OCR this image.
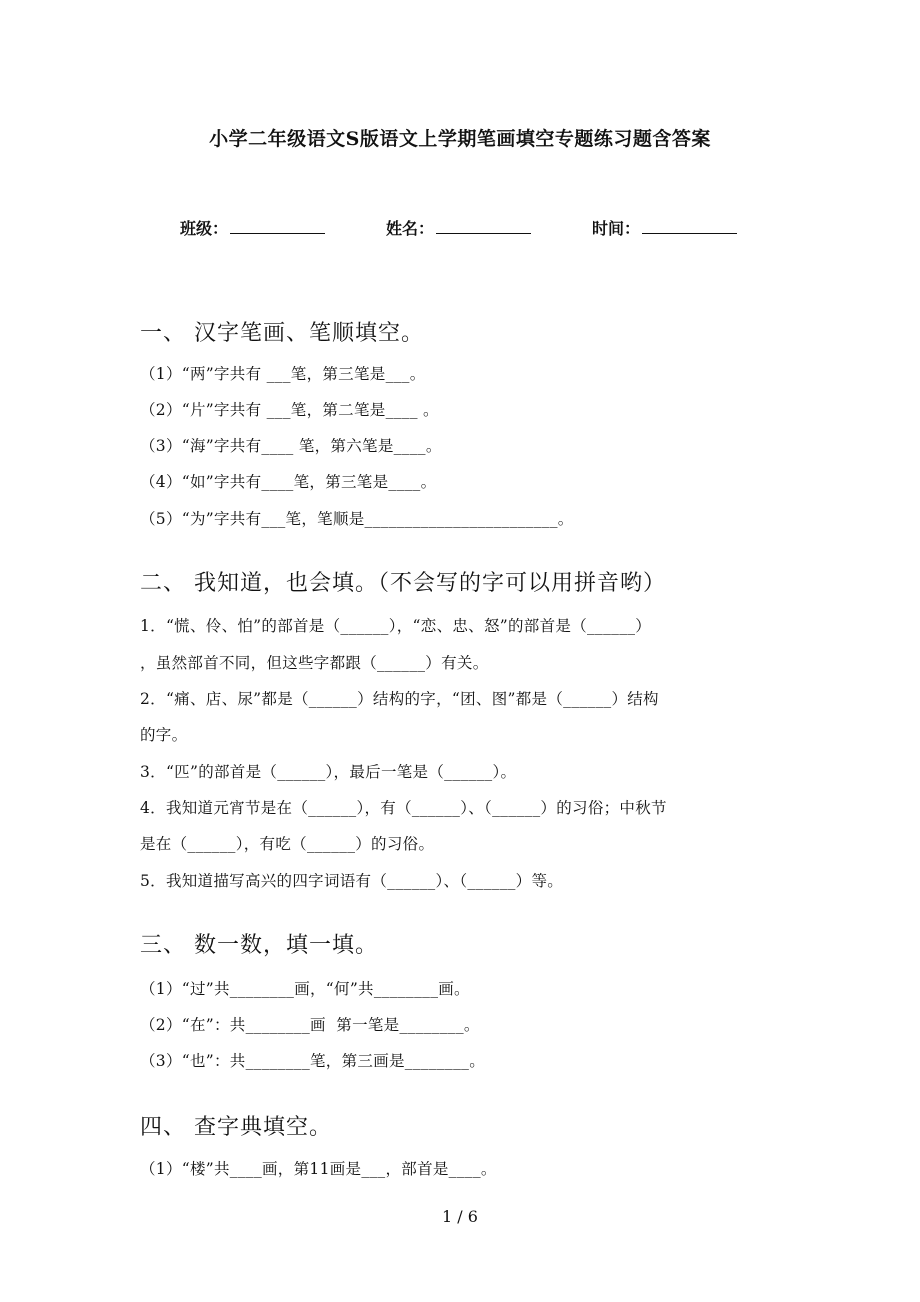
小学二年级语文S版语文上学期笔画填空专题练习题含答案
班级：	姓名：	时间：
一、 汉字笔画、笔顺填空。
（1）“两”字共有 ___笔，第三笔是___。
（2）“片”字共有 ___笔，第二笔是____ 。
（3）“海”字共有____ 笔，第六笔是____。
（4）“如”字共有____笔，第三笔是____。
（5）“为”字共有___笔，笔顺是________________________。
二、 我知道，也会填。（不会写的字可以用拼音哟）
1．“慌、伶、怕”的部首是（______），“恋、忠、怒”的部首是（______）
，虽然部首不同，但这些字都跟（______）有关。
2．“痛、店、尿”都是（______）结构的字，“团、图”都是（______）结构
的字。
3．“匹”的部首是（______），最后一笔是（______）。
4．我知道元宵节是在（______），有（______）、（______）的习俗；中秋节
是在（______），有吃（______）的习俗。
5．我知道描写高兴的四字词语有（______）、（______）等。
三、 数一数，填一填。
（1）“过”共________画，“何”共________画。
（2）“在”：共________画  第一笔是________。
（3）“也”：共________笔，第三画是________。
四、 查字典填空。
（1）“楼”共____画，第11画是___，部首是____。
1 / 6
